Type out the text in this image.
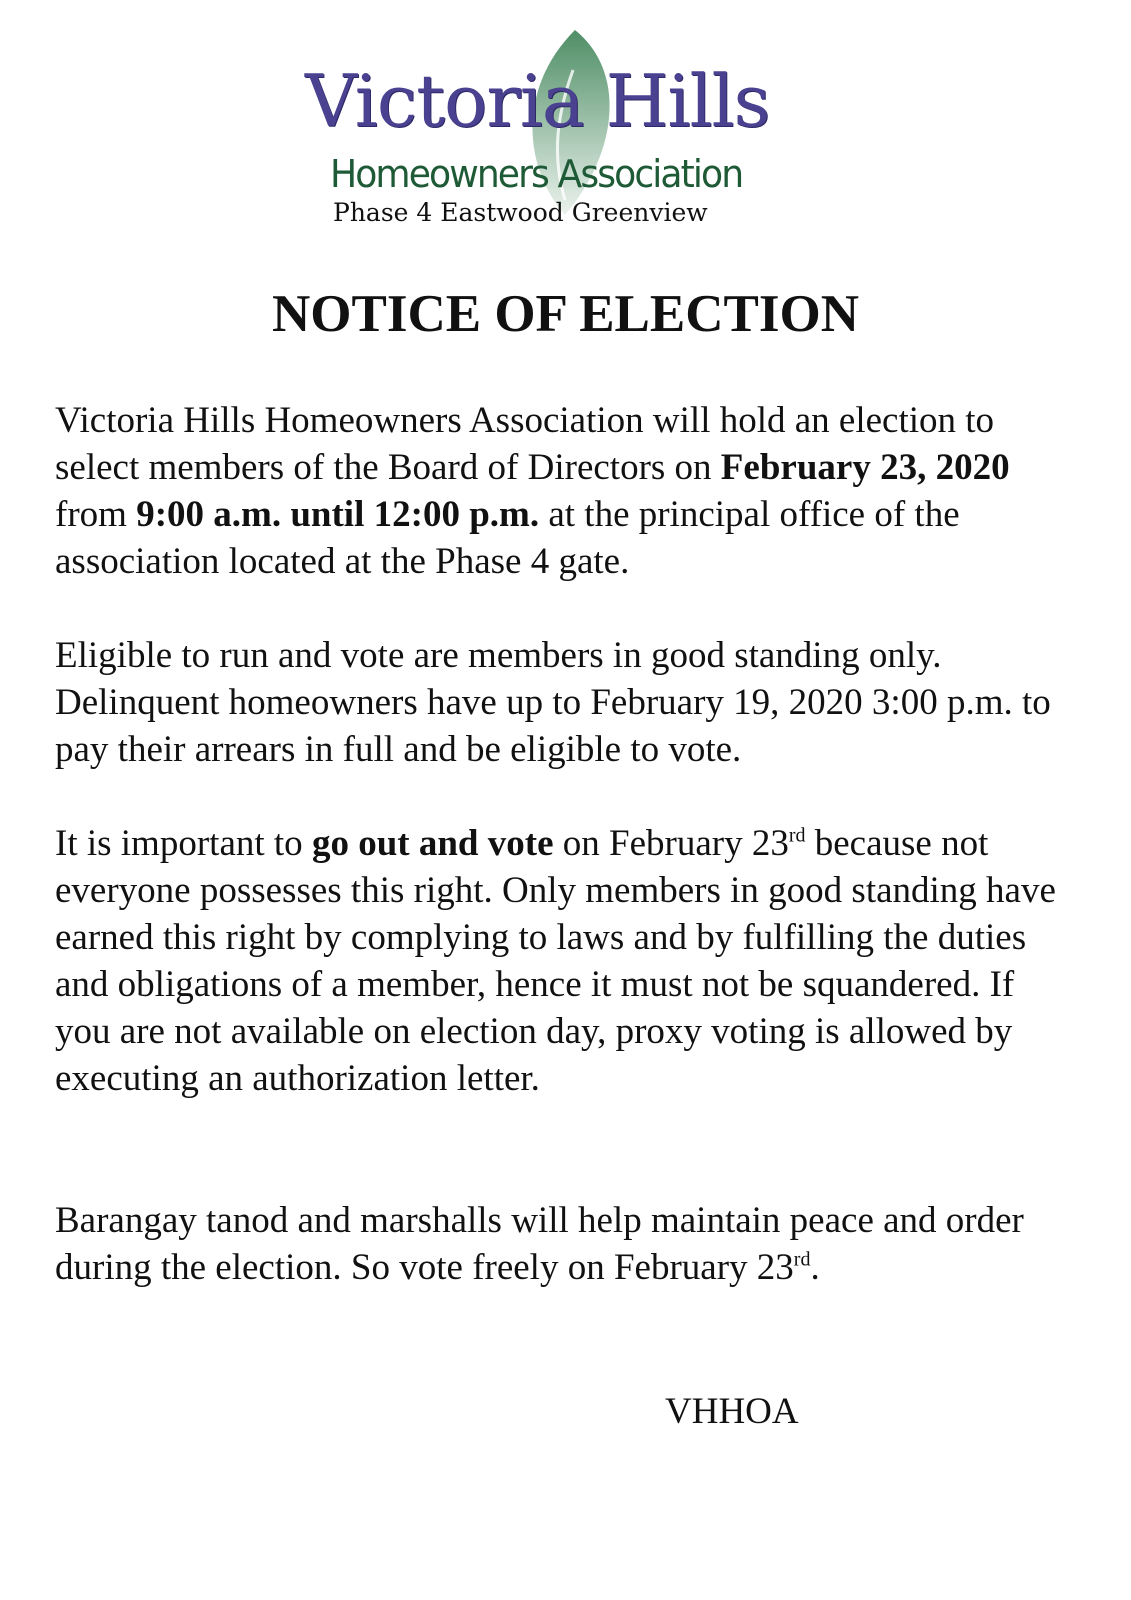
Victoria Hills
Homeowners Association
Phase 4 Eastwood Greenview
NOTICE OF ELECTION

Victoria Hills Homeowners Association will hold an election to select members of the Board of Directors on February 23, 2020 from 9:00 a.m. until 12:00 p.m. at the principal office of the association located at the Phase 4 gate.

Eligible to run and vote are members in good standing only. Delinquent homeowners have up to February 19, 2020 3:00 p.m. to pay their arrears in full and be eligible to vote.

It is important to go out and vote on February 23rd because not everyone possesses this right. Only members in good standing have earned this right by complying to laws and by fulfilling the duties and obligations of a member, hence it must not be squandered. If you are not available on election day, proxy voting is allowed by executing an authorization letter.

Barangay tanod and marshalls will help maintain peace and order during the election. So vote freely on February 23rd.

VHHOA
